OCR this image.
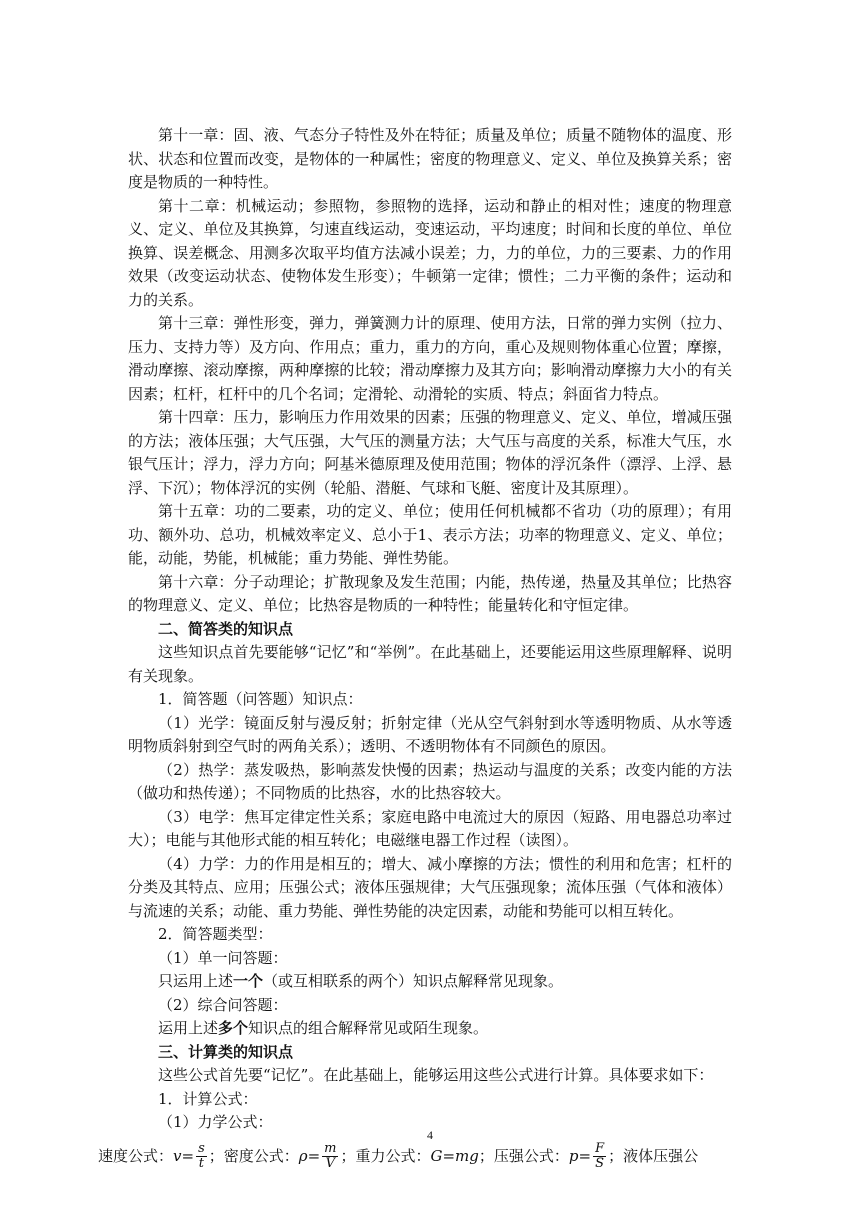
第十一章：固、液、气态分子特性及外在特征；质量及单位；质量不随物体的温度、形状、状态和位置而改变，是物体的一种属性；密度的物理意义、定义、单位及换算关系；密度是物质的一种特性。

第十二章：机械运动；参照物，参照物的选择，运动和静止的相对性；速度的物理意义、定义、单位及其换算，匀速直线运动，变速运动，平均速度；时间和长度的单位、单位换算、误差概念、用测多次取平均值方法减小误差；力，力的单位，力的三要素、力的作用效果（改变运动状态、使物体发生形变）；牛顿第一定律；惯性；二力平衡的条件；运动和力的关系。

第十三章：弹性形变，弹力，弹簧测力计的原理、使用方法，日常的弹力实例（拉力、压力、支持力等）及方向、作用点；重力，重力的方向，重心及规则物体重心位置；摩擦，滑动摩擦、滚动摩擦，两种摩擦的比较；滑动摩擦力及其方向；影响滑动摩擦力大小的有关因素；杠杆，杠杆中的几个名词；定滑轮、动滑轮的实质、特点；斜面省力特点。

第十四章：压力，影响压力作用效果的因素；压强的物理意义、定义、单位，增减压强的方法；液体压强；大气压强，大气压的测量方法；大气压与高度的关系，标准大气压，水银气压计；浮力，浮力方向；阿基米德原理及使用范围；物体的浮沉条件（漂浮、上浮、悬浮、下沉）；物体浮沉的实例（轮船、潜艇、气球和飞艇、密度计及其原理）。

第十五章：功的二要素，功的定义、单位；使用任何机械都不省功（功的原理）；有用功、额外功、总功，机械效率定义、总小于1、表示方法；功率的物理意义、定义、单位；能，动能，势能，机械能；重力势能、弹性势能。

第十六章：分子动理论；扩散现象及发生范围；内能，热传递，热量及其单位；比热容的物理意义、定义、单位；比热容是物质的一种特性；能量转化和守恒定律。

二、简答类的知识点

这些知识点首先要能够“记忆”和“举例”。在此基础上，还要能运用这些原理解释、说明有关现象。

1．简答题（问答题）知识点：

（1）光学：镜面反射与漫反射；折射定律（光从空气斜射到水等透明物质、从水等透明物质斜射到空气时的两角关系）；透明、不透明物体有不同颜色的原因。

（2）热学：蒸发吸热，影响蒸发快慢的因素；热运动与温度的关系；改变内能的方法（做功和热传递）；不同物质的比热容，水的比热容较大。

（3）电学：焦耳定律定性关系；家庭电路中电流过大的原因（短路、用电器总功率过大）；电能与其他形式能的相互转化；电磁继电器工作过程（读图）。

（4）力学：力的作用是相互的；增大、减小摩擦的方法；惯性的利用和危害；杠杆的分类及其特点、应用；压强公式；液体压强规律；大气压强现象；流体压强（气体和液体）与流速的关系；动能、重力势能、弹性势能的决定因素，动能和势能可以相互转化。

2．简答题类型：

（1）单一问答题：

只运用上述一个（或互相联系的两个）知识点解释常见现象。

（2）综合问答题：

运用上述多个知识点的组合解释常见或陌生现象。

三、计算类的知识点

这些公式首先要“记忆”。在此基础上，能够运用这些公式进行计算。具体要求如下：

1．计算公式：

（1）力学公式：

速度公式：$v= \frac{s}{t}$ ；密度公式：$\rho= \frac{m}{V}$ ；重力公式：G=mg；压强公式：$p= \frac{F}{S}$ ；液体压强公

4
